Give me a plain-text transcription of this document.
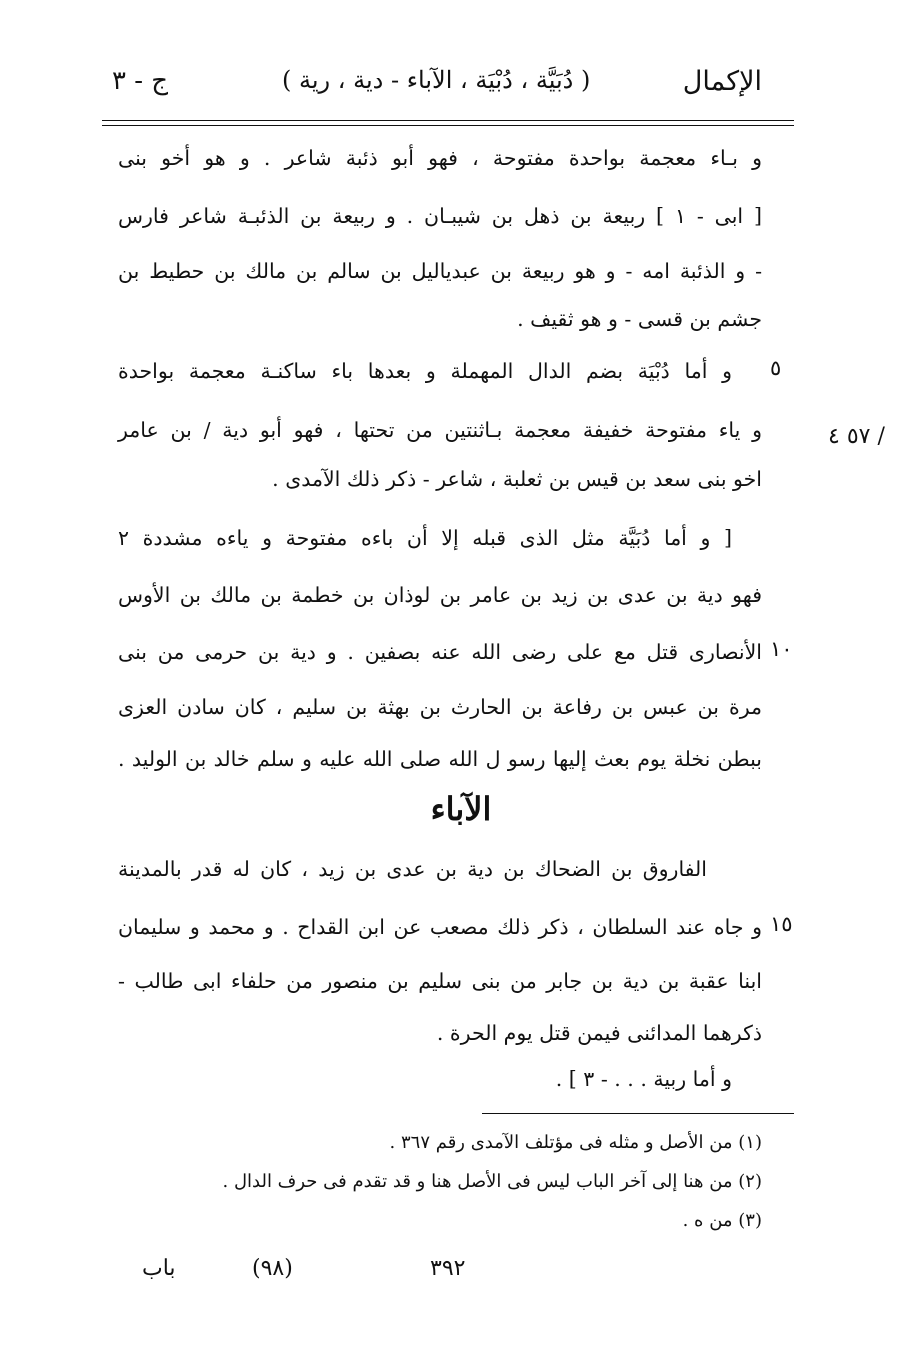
الإكمال
( دُبَيَّة ، دُبْيَة ، الآباء - دية ، رية )
ج - ٣
و بـاء معجمة بواحدة مفتوحة ، فهو أبو ذئبة شاعر . و هو أخو بنى
[ ابى - ١ ] ربيعة بن ذهل بن شيبـان . و ربيعة بن الذئبـة شاعر فارس
- و الذئبة امه - و هو ربيعة بن عبدياليل بن سالم بن مالك بن حطيط بن
جشم بن قسى - و هو ثقيف .
٥
و أما دُبْيَة بضم الدال المهملة و بعدها باء ساكنـة معجمة بواحدة
و ياء مفتوحة خفيفة معجمة بـاثنتين من تحتها ، فهو أبو دية / بن عامر	٥٧ ٤ /
اخو بنى سعد بن قيس بن ثعلبة ، شاعر - ذكر ذلك الآمدى .
[ و أما دُبَيَّة مثل الذى قبله إلا أن باءه مفتوحة و ياءه مشددة ٢
فهو دية بن عدى بن زيد بن عامر بن لوذان بن خطمة بن مالك بن الأوس
١٠
الأنصارى قتل مع على رضى الله عنه بصفين . و دية بن حرمى من بنى
مرة بن عبس بن رفاعة بن الحارث بن بهثة بن سليم ، كان سادن العزى
ببطن نخلة يوم بعث إليها رسو ل الله صلى الله عليه و سلم خالد بن الوليد .
الآباء
الفاروق بن الضحاك بن دية بن عدى بن زيد ، كان له قدر بالمدينة
١٥
و جاه عند السلطان ، ذكر ذلك مصعب عن ابن القداح . و محمد و سليمان
ابنا عقبة بن دية بن جابر من بنى سليم بن منصور من حلفاء ابى طالب -
ذكرهما المدائنى فيمن قتل يوم الحرة .
و أما ربية . . . - ٣ ] .
(١) من الأصل و مثله فى مؤتلف الآمدى رقم ٣٦٧ .
(٢) من هنا إلى آخر الباب ليس فى الأصل هنا و قد تقدم فى حرف الدال .
(٣) من ه .
٣٩٢
(٩٨)
باب
